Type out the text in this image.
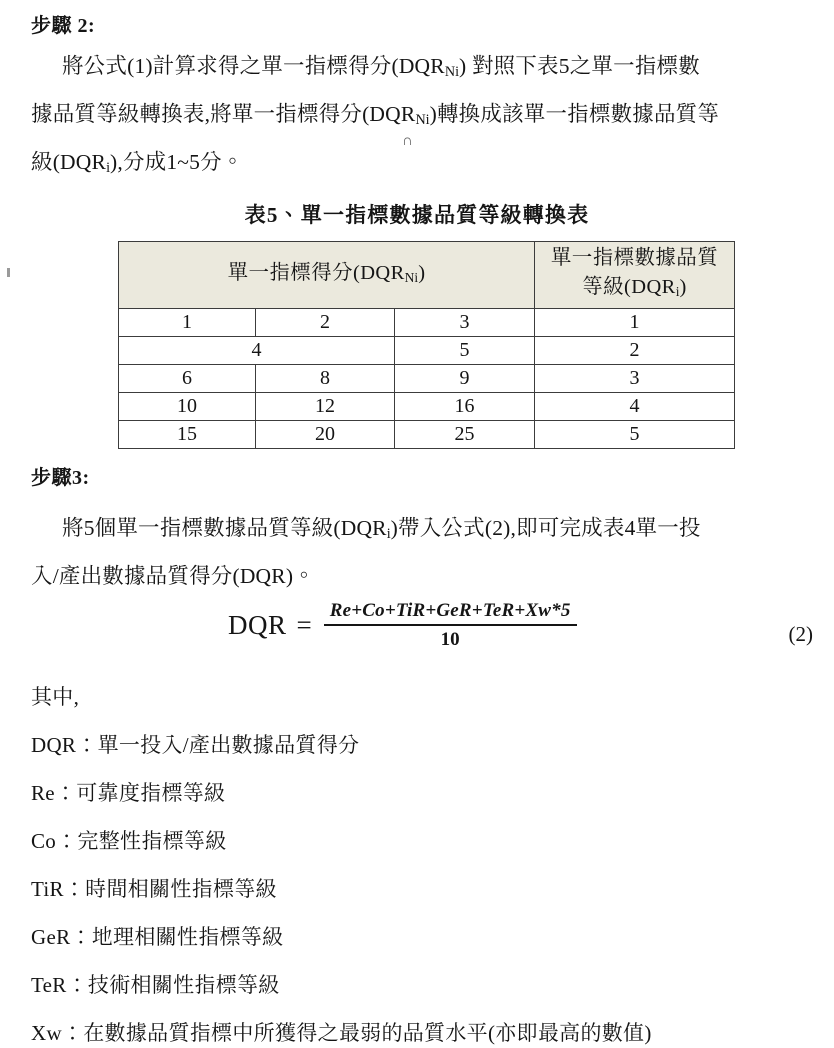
步驟 2:
將公式(1)計算求得之單一指標得分$(DQR_{Ni})$ 對照下表5之單一指標數
據品質等級轉換表,將單一指標得分$(DQR_{Ni})$轉換成該單一指標數據品質等
級$(DQR_i)$,分成1~5分。
∩
表5、單一指標數據品質等級轉換表
單一指標得分$(DQR_{Ni})$			單一指標數據品質
等級$(DQR_i)$
1	2	3	1
4		5	2
6	8	9	3
10	12	16	4
15	20	25	5
步驟3:
將5個單一指標數據品質等級$(DQR_i)$帶入公式(2),即可完成表4單一投
入/產出數據品質得分(DQR)。
DQR = $\frac{\text{Re+Co+TiR+GeR+TeR+Xw*5}}{10}$	(2)
其中,
DQR：單一投入/產出數據品質得分
Re：可靠度指標等級
Co：完整性指標等級
TiR：時間相關性指標等級
GeR：地理相關性指標等級
TeR：技術相關性指標等級
Xw：在數據品質指標中所獲得之最弱的品質水平(亦即最高的數值)
